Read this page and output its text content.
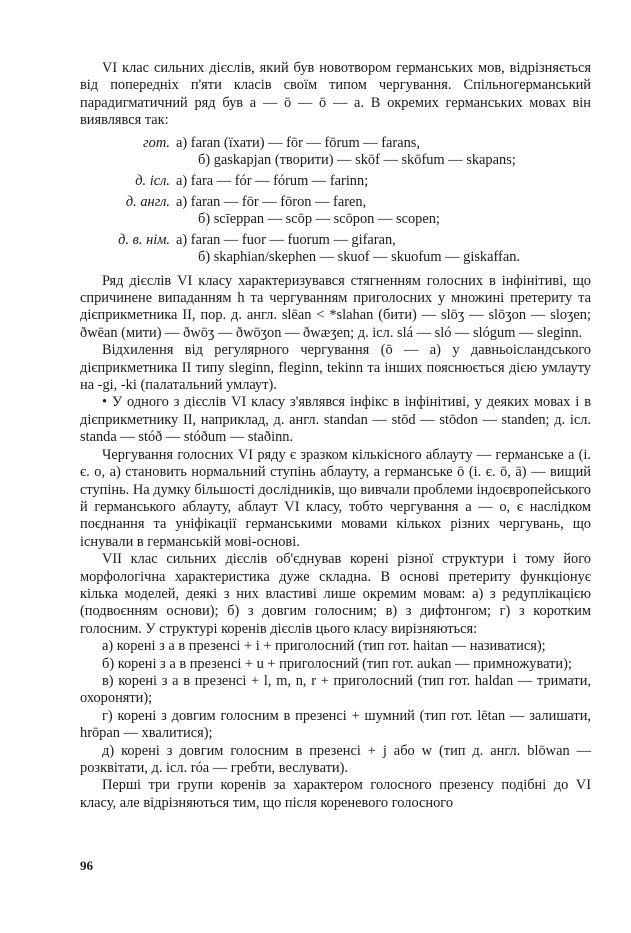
VI клас сильних дієслів, який був новотвором германських мов, відрізняється від попередніх п'яти класів своїм типом чергування. Спільногерманський парадигматичний ряд був а — ō — ō — а. В окремих германських мовах він виявлявся так:

гот. а) faran (їхати) — fōr — fōrum — farans,
б) gaskapjan (творити) — skōf — skōfum — skapans;
д. ісл. а) fara — fór — fórum — farinn;
д. англ. а) faran — fōr — fōron — faren,
б) scīeppan — scōp — scōpon — scopen;
д. в. нім. а) faran — fuor — fuorum — gifaran,
б) skaphian/skephen — skuof — skuofum — giskaffan.

Ряд дієслів VI класу характеризувався стягненням голосних в інфінітиві, що спричинене випаданням h та чергуванням приголосних у множині претериту та дієприкметника II, пор. д. англ. slēan < *slahan (бити) — slōʒ — slōʒon — sloʒen; ðwēan (мити) — ðwōʒ — ðwōʒon — ðwæʒen; д. ісл. slá — sló — slógum — sleginn.

Відхилення від регулярного чергування (ō — а) у давньоісландського дієприкметника II типу sleginn, fleginn, tekinn та інших пояснюється дією умлауту на -gi, -ki (палатальний умлаут).

• У одного з дієслів VI класу з'являвся інфікс в інфінітиві, у деяких мовах і в дієприкметнику II, наприклад, д. англ. standan — stōd — stōdon — standen; д. ісл. standa — stóð — stóðum — staðinn.

Чергування голосних VI ряду є зразком кількісного аблауту — германське а (і. є. о, а) становить нормальний ступінь аблауту, а германське ō (і. є. ō, ā) — вищий ступінь. На думку більшості дослідників, що вивчали проблеми індоєвропейського й германського аблауту, аблаут VI класу, тобто чергування а — о, є наслідком поєднання та уніфікації германськими мовами кількох різних чергувань, що існували в германській мові-основі.

VII клас сильних дієслів об'єднував корені різної структури і тому його морфологічна характеристика дуже складна. В основі претериту функціонує кілька моделей, деякі з них властиві лише окремим мовам: а) з редуплікацією (подвоєнням основи); б) з довгим голосним; в) з дифтонгом; г) з коротким голосним. У структурі коренів дієслів цього класу вирізняються:

а) корені з а в презенсі + і + приголосний (тип гот. haitan — називатися);

б) корені з а в презенсі + u + приголосний (тип гот. aukan — примножувати);

в) корені з а в презенсі + l, m, n, r + приголосний (тип гот. haldan — тримати, охороняти);

г) корені з довгим голосним в презенсі + шумний (тип гот. lētan — залишати, hrōpan — хвалитися);

д) корені з довгим голосним в презенсі + j або w (тип д. англ. blōwan — розквітати, д. ісл. róa — гребти, веслувати).

Перші три групи коренів за характером голосного презенсу подібні до VI класу, але відрізняються тим, що після кореневого голосного

96
